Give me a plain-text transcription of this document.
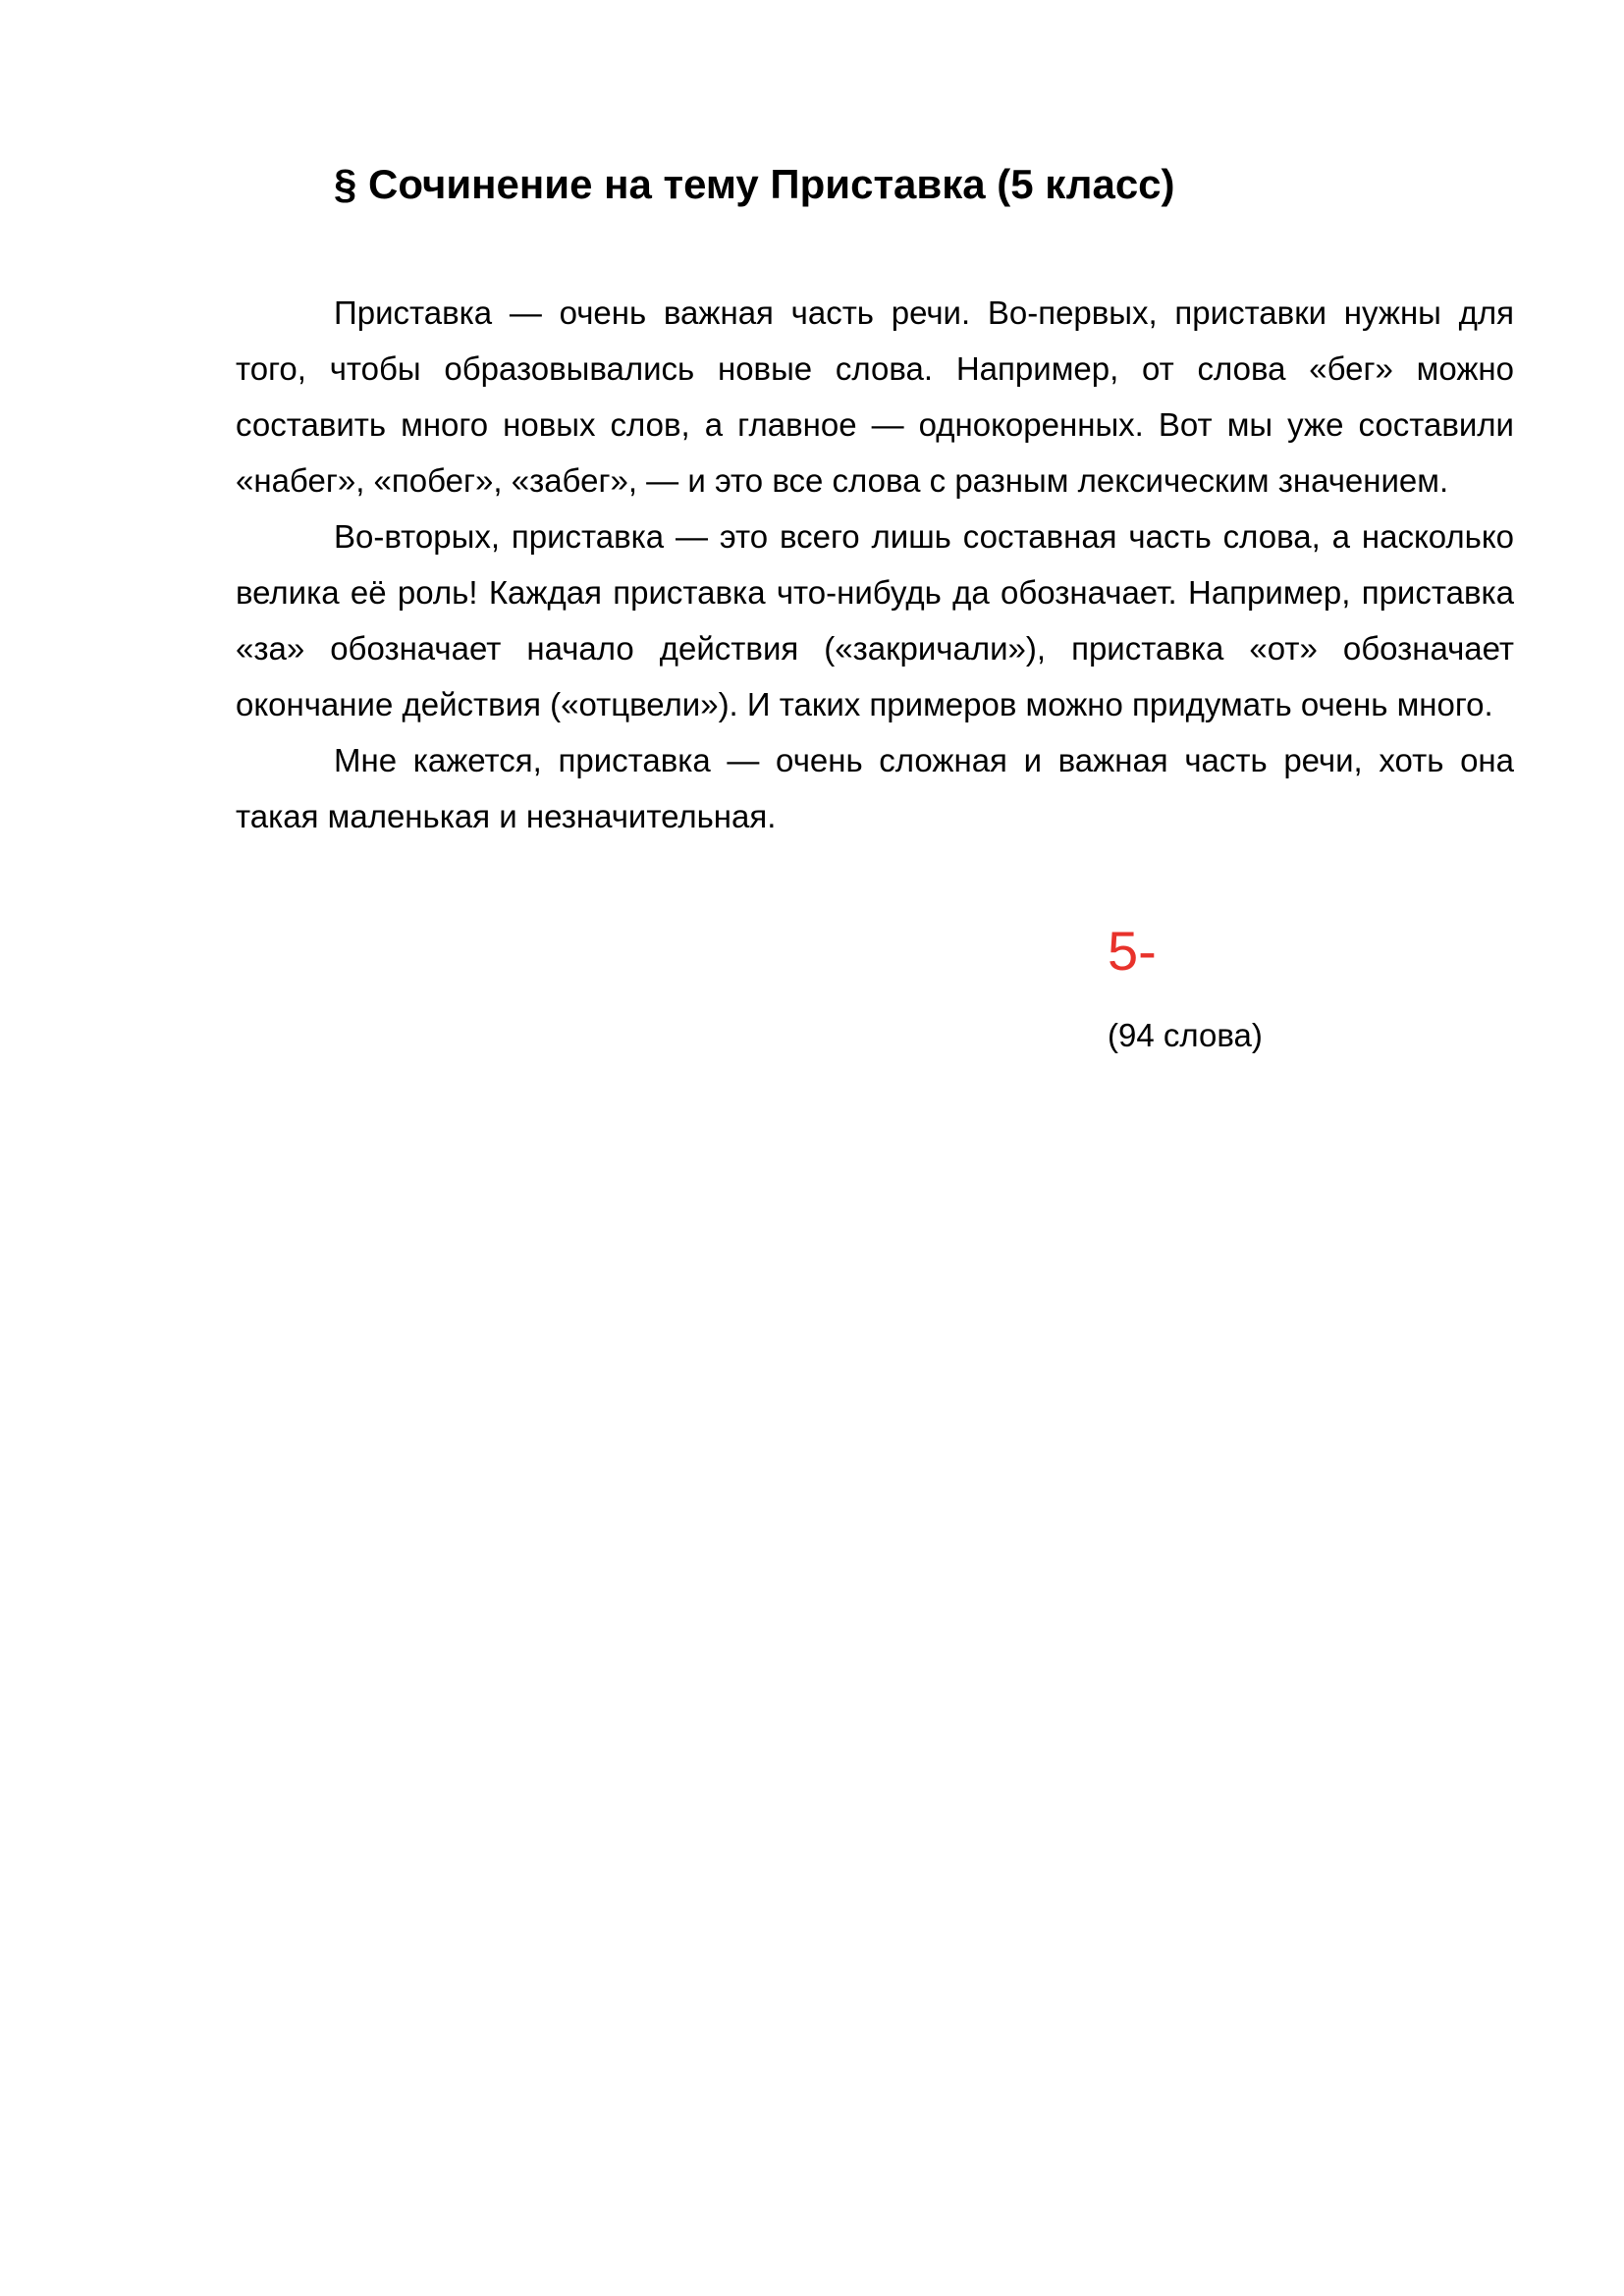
§ Сочинение на тему Приставка (5 класс)

Приставка — очень важная часть речи. Во-первых, приставки нужны для того, чтобы образовывались новые слова. Например, от слова «бег» можно составить много новых слов, а главное — однокоренных. Вот мы уже составили «набег», «побег», «забег», — и это все слова с разным лексическим значением.

Во-вторых, приставка — это всего лишь составная часть слова, а насколько велика её роль! Каждая приставка что-нибудь да обозначает. Например, приставка «за» обозначает начало действия («закричали»), приставка «от» обозначает окончание действия («отцвели»). И таких примеров можно придумать очень много.

Мне кажется, приставка — очень сложная и важная часть речи, хоть она такая маленькая и незначительная.

5-
(94 слова)
